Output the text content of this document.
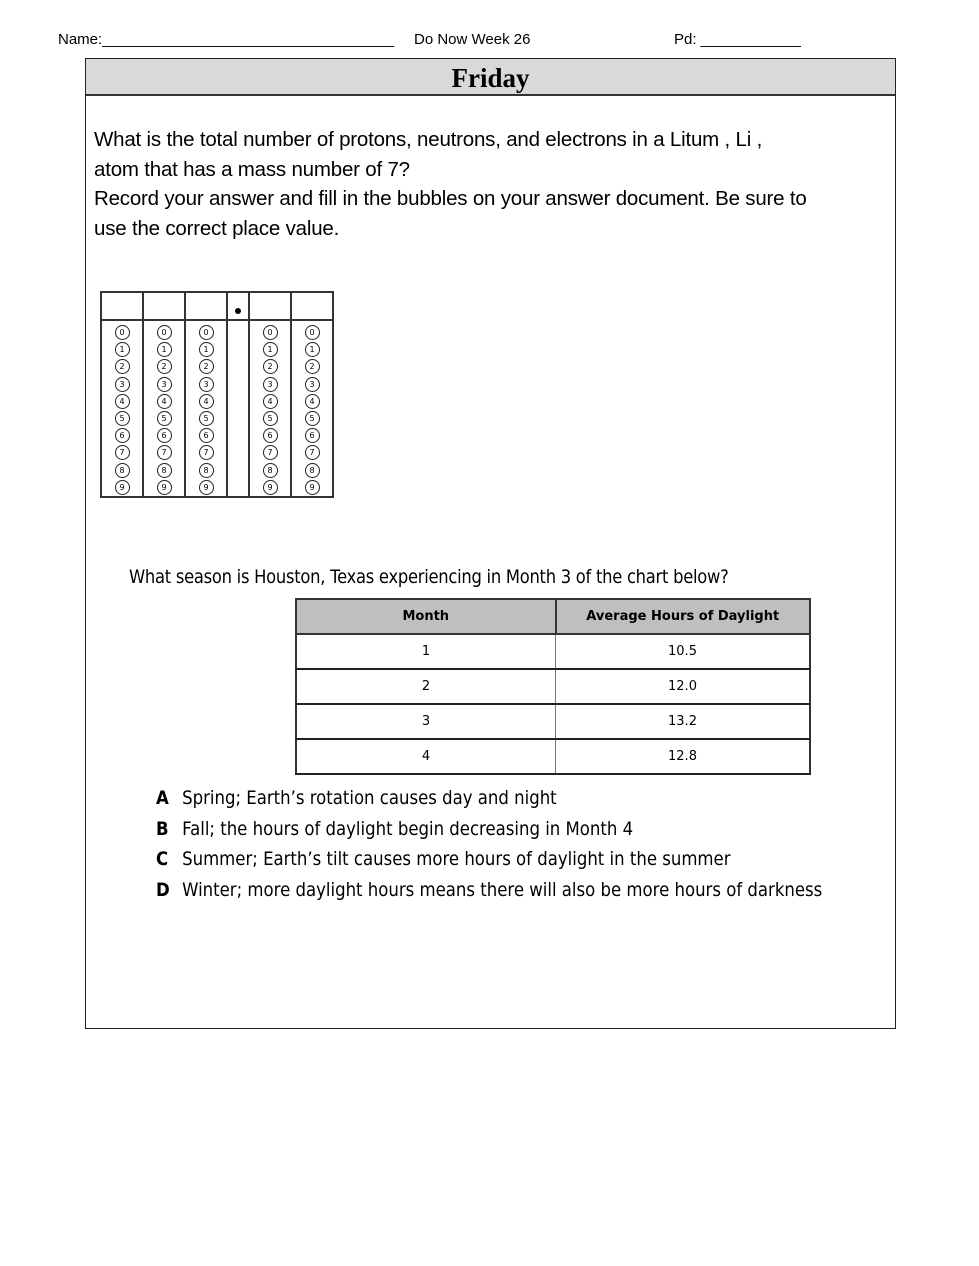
Name:___________________________________ Do Now Week 26	Pd: ____________
Friday
What is the total number of protons, neutrons, and electrons in a Litum , Li ,
atom that has a mass number of 7?
Record your answer and fill in the bubbles on your answer document. Be sure to
use the correct place value.

0
1
2
3
4
5
6
7
8
9

0
1
2
3
4
5
6
7
8
9

0
1
2
3
4
5
6
7
8
9

0
1
2
3
4
5
6
7
8
9

0
1
2
3
4
5
6
7
8
9
What season is Houston, Texas experiencing in Month 3 of the chart below?
Month	Average Hours of Daylight
1	10.5
2	12.0
3	13.2
4	12.8
A Spring; Earth’s rotation causes day and night
B Fall; the hours of daylight begin decreasing in Month 4
C Summer; Earth’s tilt causes more hours of daylight in the summer
D Winter; more daylight hours means there will also be more hours of darkness
